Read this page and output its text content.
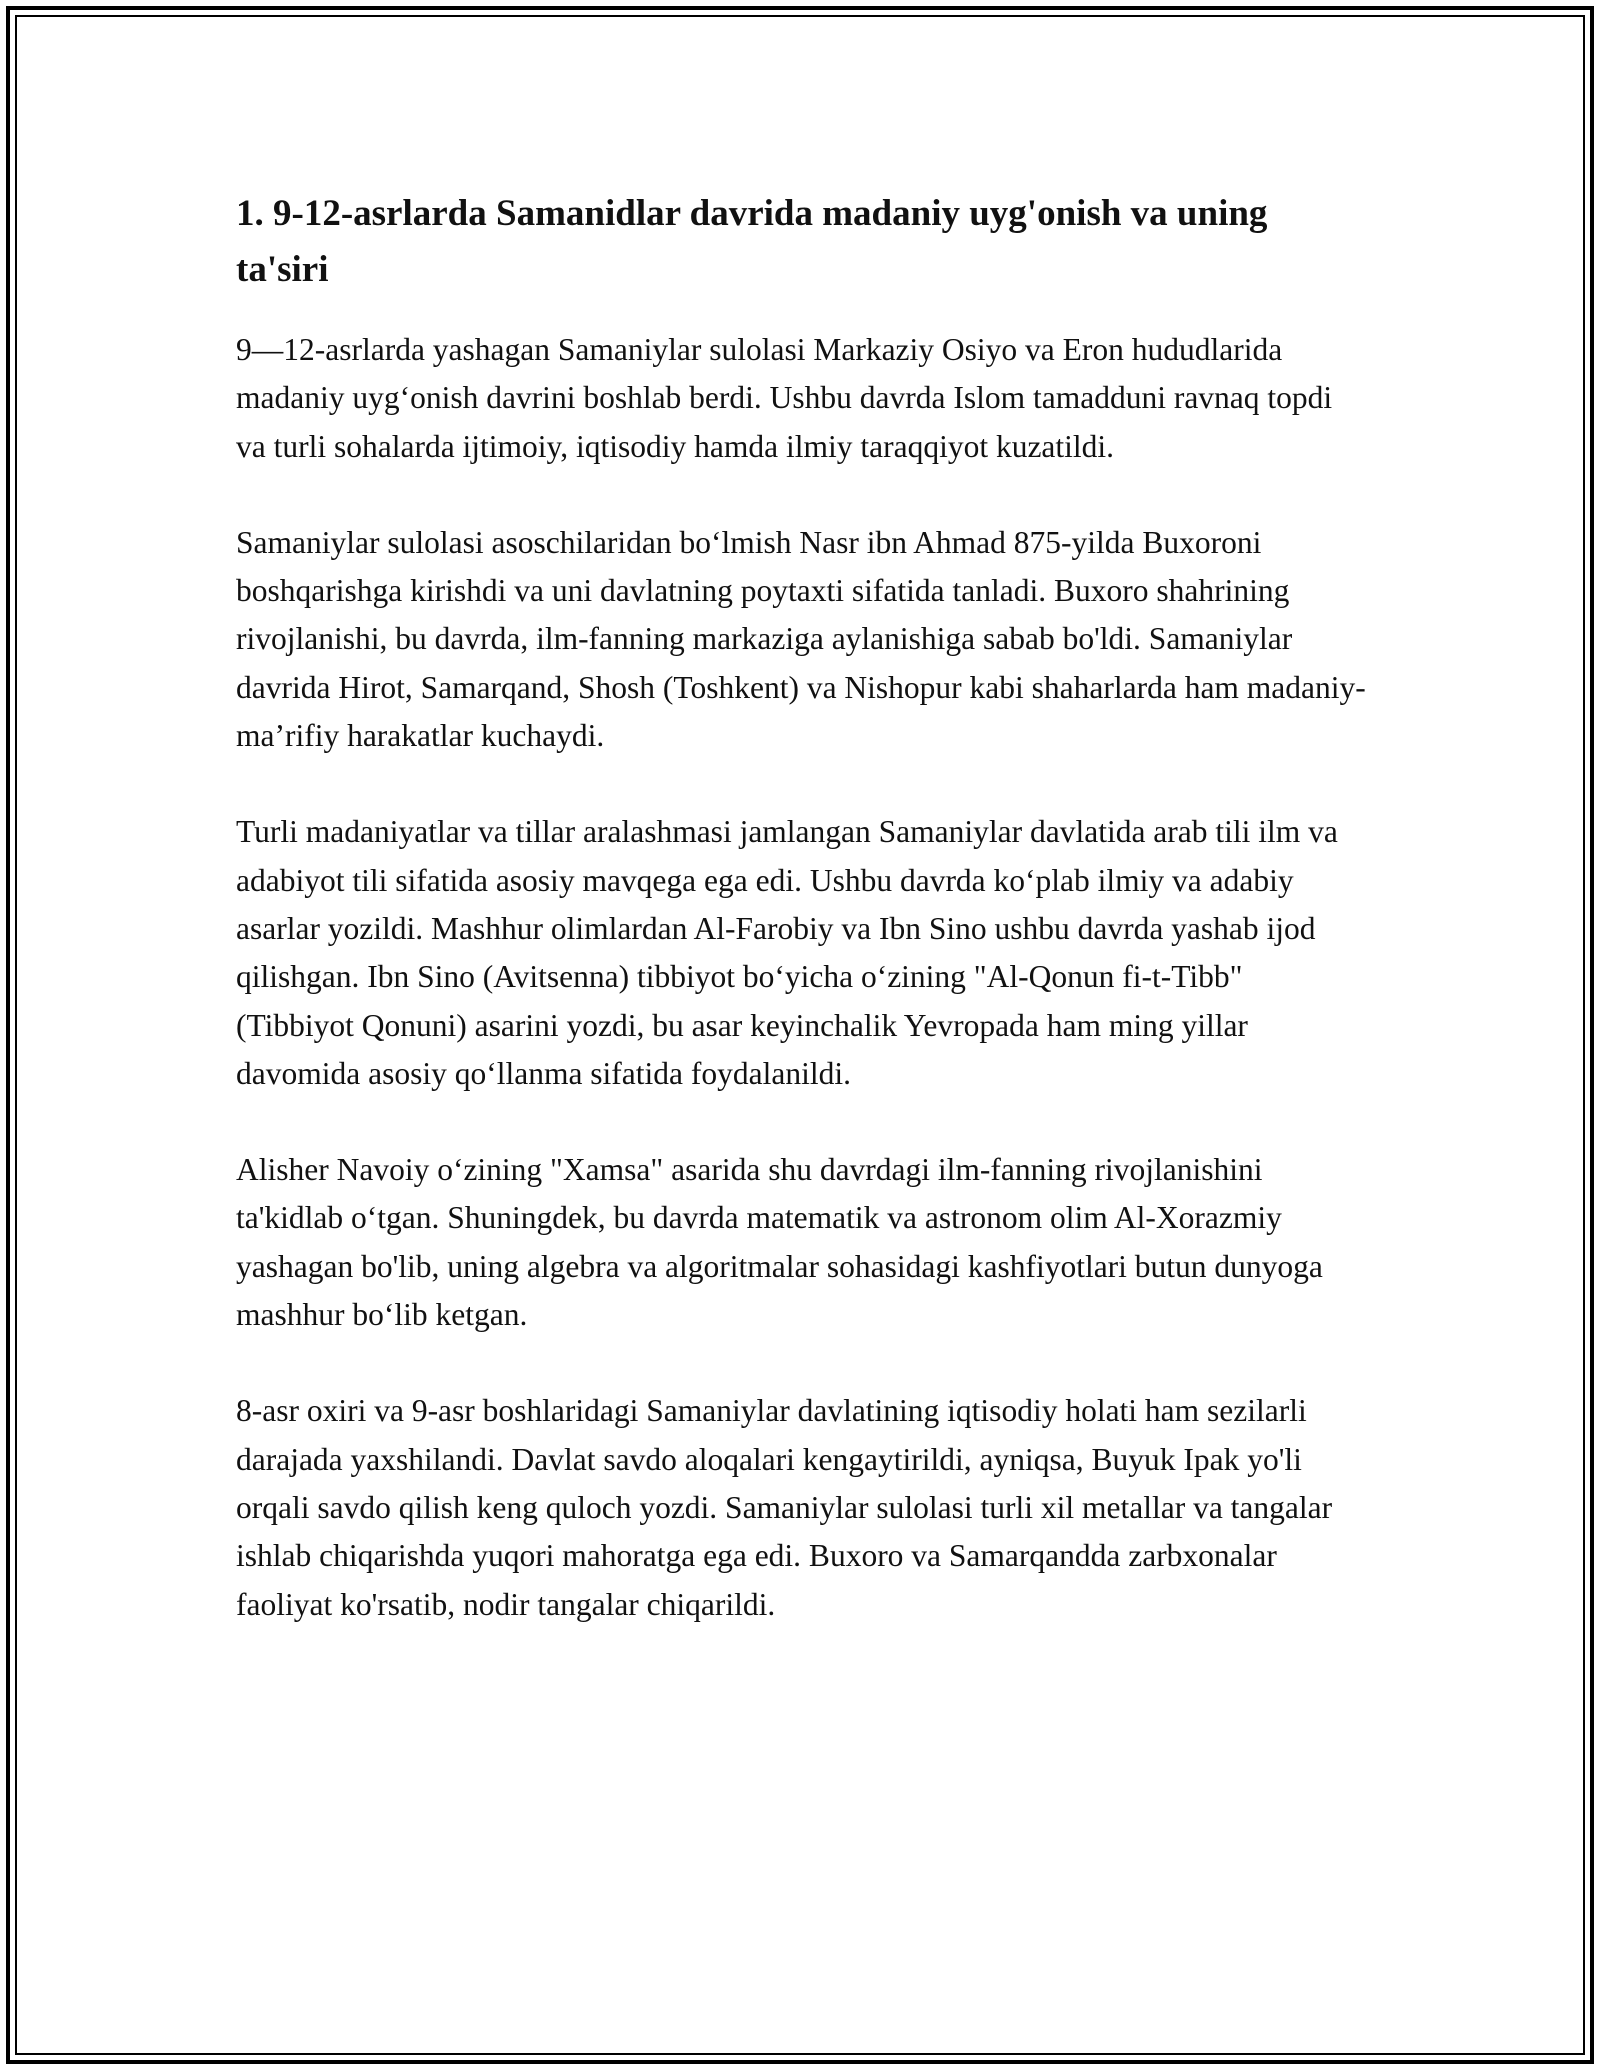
1. 9-12-asrlarda Samanidlar davrida madaniy uyg'onish va uning ta'siri

9—12-asrlarda yashagan Samaniylar sulolasi Markaziy Osiyo va Eron hududlarida madaniy uyg‘onish davrini boshlab berdi. Ushbu davrda Islom tamadduni ravnaq topdi va turli sohalarda ijtimoiy, iqtisodiy hamda ilmiy taraqqiyot kuzatildi.

Samaniylar sulolasi asoschilaridan bo‘lmish Nasr ibn Ahmad 875-yilda Buxoroni boshqarishga kirishdi va uni davlatning poytaxti sifatida tanladi. Buxoro shahrining rivojlanishi, bu davrda, ilm-fanning markaziga aylanishiga sabab bo'ldi. Samaniylar davrida Hirot, Samarqand, Shosh (Toshkent) va Nishopur kabi shaharlarda ham madaniy-ma’rifiy harakatlar kuchaydi.

Turli madaniyatlar va tillar aralashmasi jamlangan Samaniylar davlatida arab tili ilm va adabiyot tili sifatida asosiy mavqega ega edi. Ushbu davrda ko‘plab ilmiy va adabiy asarlar yozildi. Mashhur olimlardan Al-Farobiy va Ibn Sino ushbu davrda yashab ijod qilishgan. Ibn Sino (Avitsenna) tibbiyot bo‘yicha o‘zining "Al-Qonun fi-t-Tibb" (Tibbiyot Qonuni) asarini yozdi, bu asar keyinchalik Yevropada ham ming yillar davomida asosiy qo‘llanma sifatida foydalanildi.

Alisher Navoiy o‘zining "Xamsa" asarida shu davrdagi ilm-fanning rivojlanishini ta'kidlab o‘tgan. Shuningdek, bu davrda matematik va astronom olim Al-Xorazmiy yashagan bo'lib, uning algebra va algoritmalar sohasidagi kashfiyotlari butun dunyoga mashhur bo‘lib ketgan.

8-asr oxiri va 9-asr boshlaridagi Samaniylar davlatining iqtisodiy holati ham sezilarli darajada yaxshilandi. Davlat savdo aloqalari kengaytirildi, ayniqsa, Buyuk Ipak yo'li orqali savdo qilish keng quloch yozdi. Samaniylar sulolasi turli xil metallar va tangalar ishlab chiqarishda yuqori mahoratga ega edi. Buxoro va Samarqandda zarbxonalar faoliyat ko'rsatib, nodir tangalar chiqarildi.
